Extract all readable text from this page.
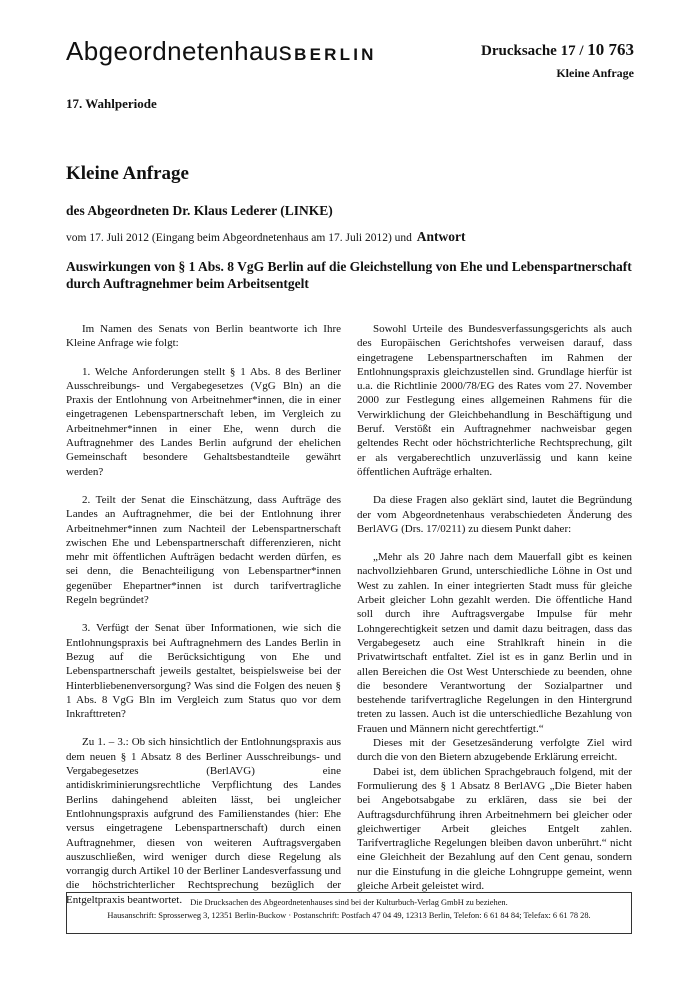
Abgeordnetenhaus BERLIN	Drucksache 17 / 10 763
Kleine Anfrage
17. Wahlperiode
Kleine Anfrage
des Abgeordneten Dr. Klaus Lederer (LINKE)
vom 17. Juli 2012 (Eingang beim Abgeordnetenhaus am 17. Juli 2012) und Antwort
Auswirkungen von § 1 Abs. 8 VgG Berlin auf die Gleichstellung von Ehe und Lebenspartnerschaft durch Auftragnehmer beim Arbeitsentgelt

Im Namen des Senats von Berlin beantworte ich Ihre Kleine Anfrage wie folgt:

1. Welche Anforderungen stellt § 1 Abs. 8 des Berliner Ausschreibungs- und Vergabegesetzes (VgG Bln) an die Praxis der Entlohnung von Arbeitnehmer*innen, die in einer eingetragenen Lebenspartnerschaft leben, im Vergleich zu Arbeitnehmer*innen in einer Ehe, wenn durch die Auftragnehmer des Landes Berlin aufgrund der ehelichen Gemeinschaft besondere Gehaltsbestandteile gewährt werden?

2. Teilt der Senat die Einschätzung, dass Aufträge des Landes an Auftragnehmer, die bei der Entlohnung ihrer Arbeitnehmer*innen zum Nachteil der Lebenspartnerschaft zwischen Ehe und Lebenspartnerschaft differenzieren, nicht mehr mit öffentlichen Aufträgen bedacht werden dürfen, es sei denn, die Benachteiligung von Lebenspartner*innen gegenüber Ehepartner*innen ist durch tarifvertragliche Regeln begründet?

3. Verfügt der Senat über Informationen, wie sich die Entlohnungspraxis bei Auftragnehmern des Landes Berlin in Bezug auf die Berücksichtigung von Ehe und Lebenspartnerschaft jeweils gestaltet, beispielsweise bei der Hinterbliebenenversorgung? Was sind die Folgen des neuen § 1 Abs. 8 VgG Bln im Vergleich zum Status quo vor dem Inkrafttreten?

Zu 1. – 3.: Ob sich hinsichtlich der Entlohnungspraxis aus dem neuen § 1 Absatz 8 des Berliner Ausschreibungs- und Vergabegesetzes (BerlAVG) eine antidiskriminierungsrechtliche Verpflichtung des Landes Berlins dahingehend ableiten lässt, bei ungleicher Entlohnungspraxis aufgrund des Familienstandes (hier: Ehe versus eingetragene Lebenspartnerschaft) durch einen Auftragnehmer, diesen von weiteren Auftragsvergaben auszuschließen, wird weniger durch diese Regelung als vorrangig durch Artikel 10 der Berliner Landesverfassung und die höchstrichterlicher Rechtsprechung bezüglich der Entgeltpraxis beantwortet.

Sowohl Urteile des Bundesverfassungsgerichts als auch des Europäischen Gerichtshofes verweisen darauf, dass eingetragene Lebenspartnerschaften im Rahmen der Entlohnungspraxis gleichzustellen sind. Grundlage hierfür ist u.a. die Richtlinie 2000/78/EG des Rates vom 27. November 2000 zur Festlegung eines allgemeinen Rahmens für die Verwirklichung der Gleichbehandlung in Beschäftigung und Beruf. Verstößt ein Auftragnehmer nachweisbar gegen geltendes Recht oder höchstrichterliche Rechtsprechung, gilt er als vergaberechtlich unzuverlässig und kann keine öffentlichen Aufträge erhalten.

Da diese Fragen also geklärt sind, lautet die Begründung der vom Abgeordnetenhaus verabschiedeten Änderung des BerlAVG (Drs. 17/0211) zu diesem Punkt daher:

„Mehr als 20 Jahre nach dem Mauerfall gibt es keinen nachvollziehbaren Grund, unterschiedliche Löhne in Ost und West zu zahlen. In einer integrierten Stadt muss für gleiche Arbeit gleicher Lohn gezahlt werden. Die öffentliche Hand soll durch ihre Auftragsvergabe Impulse für mehr Lohngerechtigkeit setzen und damit dazu beitragen, dass das Vergabegesetz auch eine Strahlkraft hinein in die Privatwirtschaft entfaltet. Ziel ist es in ganz Berlin und in allen Bereichen die Ost West Unterschiede zu beenden, ohne die besondere Verantwortung der Sozialpartner und bestehende tarifvertragliche Regelungen in den Hintergrund treten zu lassen. Auch ist die unterschiedliche Bezahlung von Frauen und Männern nicht gerechtfertigt.“

Dieses mit der Gesetzesänderung verfolgte Ziel wird durch die von den Bietern abzugebende Erklärung erreicht.

Dabei ist, dem üblichen Sprachgebrauch folgend, mit der Formulierung des § 1 Absatz 8 BerlAVG „Die Bieter haben bei Angebotsabgabe zu erklären, dass sie bei der Auftragsdurchführung ihren Arbeitnehmern bei gleicher oder gleichwertiger Arbeit gleiches Entgelt zahlen. Tarifvertragliche Regelungen bleiben davon unberührt.“ nicht eine Gleichheit der Bezahlung auf den Cent genau, sondern nur die Einstufung in die gleiche Lohngruppe gemeint, wenn gleiche Arbeit geleistet wird.

Die Drucksachen des Abgeordnetenhauses sind bei der Kulturbuch-Verlag GmbH zu beziehen.
Hausanschrift: Sprosserweg 3, 12351 Berlin-Buckow · Postanschrift: Postfach 47 04 49, 12313 Berlin, Telefon: 6 61 84 84; Telefax: 6 61 78 28.
